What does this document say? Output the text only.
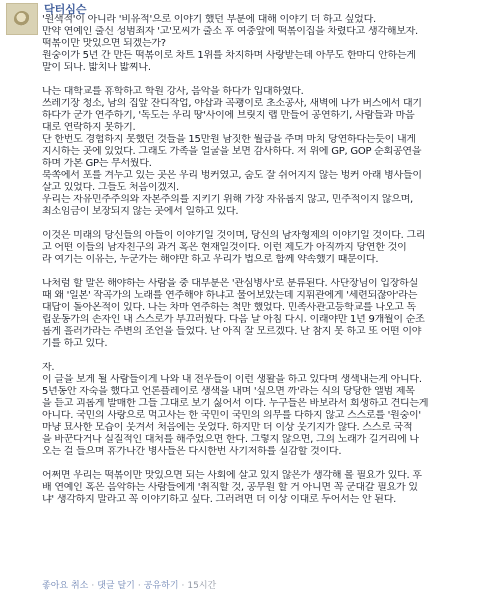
닥터심슨
'원색적'이 아니라 '비유적'으로 이야기 했던 부분에 대해 이야기 더 하고 싶었다.
만약 연예인 출신 성범죄자 '고'모씨가 출소 후 여중앞에 떡볶이집을 차렸다고 생각해보자.
떡볶이만 맛있으면 되겠는가?
원숭이가 5년 간 만든 떡볶이로 차트 1위를 차지하며 사랑받는데 아무도 한마디 안하는게
말이 되나. 밟치나 밟찌나.
나는 대학교를 휴학하고 학원 강사, 음악을 하다가 입대하였다.
쓰레기장 청소, 남의 집앞 잔디작업, 야삽과 곡괭이로 초소공사, 새벽에 나가 버스에서 대기
하다가 군가 연주하기, '독도는 우리 땅'사이에 브릿지 랩 만들어 공연하기, 사람들과 마음
대로 연락하지 못하기.
단 한번도 경험하지 못했던 것들을 15만원 남짓한 월급을 주며 마치 당연하다는듯이 내게
지시하는 곳에 있었다. 그래도 가족을 얼굴을 보면 감사하다. 저 위에 GP, GOP 순회공연을
하며 가본 GP는 무서웠다.
북쪽에서 포를 겨누고 있는 곳은 우리 벙커였고, 숨도 잘 쉬어지지 않는 벙커 아래 병사들이
살고 있었다. 그들도 처음이겠지.
우리는 자유민주주의와 자본주의를 지키기 위해 가장 자유롭지 않고, 민주적이지 않으며,
최소임금이 보장되지 않는 곳에서 일하고 있다.
이것은 미래의 당신들의 아들이 이야기일 것이며, 당신의 남자형제의 이야기일 것이다. 그리
고 어떤 이들의 남자친구의 과거 혹은 현재일것이다. 이런 제도가 아직까지 당연한 것이
라 여기는 이유는, 누군가는 해야만 하고 우리가 법으로 함께 약속했기 때문이다.
나처럼 할 말은 해야하는 사람을 중 대부분은 '관심병사'로 분류된다. 사단장님이 입장하실
때 왜 '일본' 작곡가의 노래를 연주해야 하냐고 물어보았는데 지휘관에게 '세련되잖아'라는
대답이 돌아온적이 있다. 나는 차마 연주하는 척만 했었다. 민족사관고등학교를 나오고 독
립운동가의 손자인 내 스스로가 부끄러웠다. 다음 날 아침 다시. 이래야만 1년 9개월이 순조
롭게 흘러가라는 주변의 조언을 들었다. 난 아직 잘 모르겠다. 난 참지 못 하고 또 어떤 이야
기를 하고 있다.
자.
이 글을 보게 될 사람들이게 나와 내 전우들이 이런 생활을 하고 있다며 생색내는게 아니다.
5년동안 자숙을 했다고 언론플레이로 생색을 내며 '싶으면 까'라는 식의 당당한 앨범 제목
을 듣고 괴롭게 발매한 그들 그대로 보기 싫어서 이다. 누구들은 바보라서 희생하고 견디는게
아니다. 국민의 사랑으로 먹고사는 한 국민이 국민의 의무를 다하지 않고 스스로를 '원숭이'
마냥 묘사한 모습이 웃겨서 처음에는 웃었다. 하지만 더 이상 웃기지가 않다. 스스로 국적
을 바꾼다거나 실질적인 대처를 해주었으면 한다. 그렇지 않으면, 그의 노래가 길거리에 나
오는 걸 들으며 휴가나간 병사들은 다시한번 사기저하를 실감할 것이다.
어쩌면 우리는 떡볶이만 맛있으면 되는 사회에 살고 있지 않은가 생각해 볼 필요가 있다. 후
배 연예인 혹은 음악하는 사람들에게 '취직할 것, 공무원 할 거 아니면 꼭 군대갈 필요가 있
냐' 생각하지 말라고 꼭 이야기하고 싶다. 그러려면 더 이상 이대로 두어서는 안 된다.
좋아요 취소 · 댓글 달기 · 공유하기 · 15시간
